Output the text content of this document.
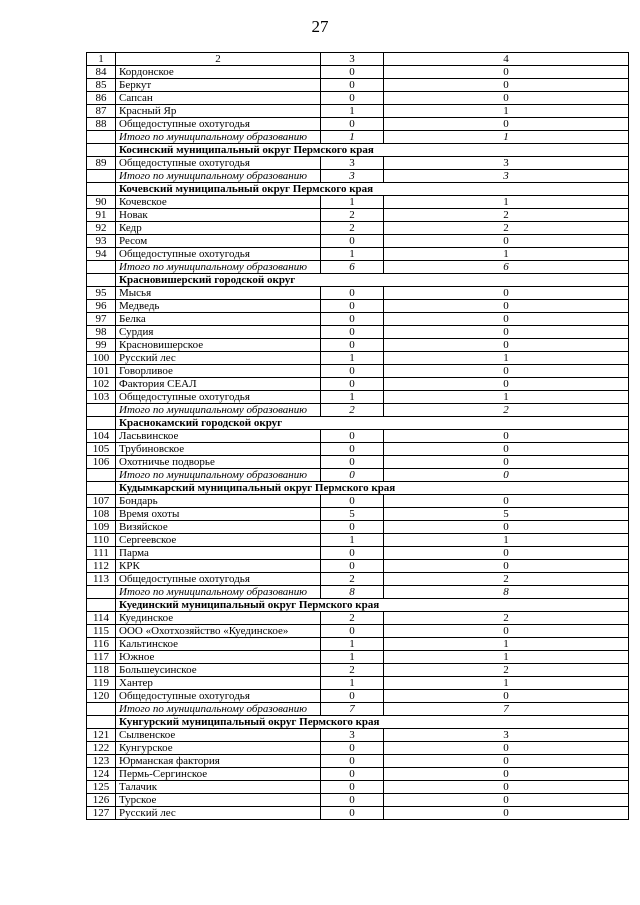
27
1	2	3	4
84	Кордонское	0	0
85	Беркут	0	0
86	Сапсан	0	0
87	Красный Яр	1	1
88	Общедоступные охотугодья	0	0
	Итого по муниципальному образованию	1	1
	Косинский муниципальный округ Пермского края		
89	Общедоступные охотугодья	3	3
	Итого по муниципальному образованию	3	3
	Кочевский муниципальный округ Пермского края		
90	Кочевское	1	1
91	Новак	2	2
92	Кедр	2	2
93	Ресом	0	0
94	Общедоступные охотугодья	1	1
	Итого по муниципальному образованию	6	6
	Красновишерский городской округ		
95	Мысья	0	0
96	Медведь	0	0
97	Белка	0	0
98	Сурдия	0	0
99	Красновишерское	0	0
100	Русский лес	1	1
101	Говорливое	0	0
102	Фактория СЕАЛ	0	0
103	Общедоступные охотугодья	1	1
	Итого по муниципальному образованию	2	2
	Краснокамский городской округ		
104	Ласьвинское	0	0
105	Трубиновское	0	0
106	Охотничье подворье	0	0
	Итого по муниципальному образованию	0	0
	Кудымкарский муниципальный округ Пермского края		
107	Бондарь	0	0
108	Время охоты	5	5
109	Визяйское	0	0
110	Сергеевское	1	1
111	Парма	0	0
112	КРК	0	0
113	Общедоступные охотугодья	2	2
	Итого по муниципальному образованию	8	8
	Куединский муниципальный округ Пермского края		
114	Куединское	2	2
115	ООО «Охотхозяйство «Куединское»	0	0
116	Кальтинское	1	1
117	Южное	1	1
118	Большеусинское	2	2
119	Хантер	1	1
120	Общедоступные охотугодья	0	0
	Итого по муниципальному образованию	7	7
	Кунгурский муниципальный округ Пермского края		
121	Сылвенское	3	3
122	Кунгурское	0	0
123	Юрманская фактория	0	0
124	Пермь-Сергинское	0	0
125	Талачик	0	0
126	Турское	0	0
127	Русский лес	0	0
